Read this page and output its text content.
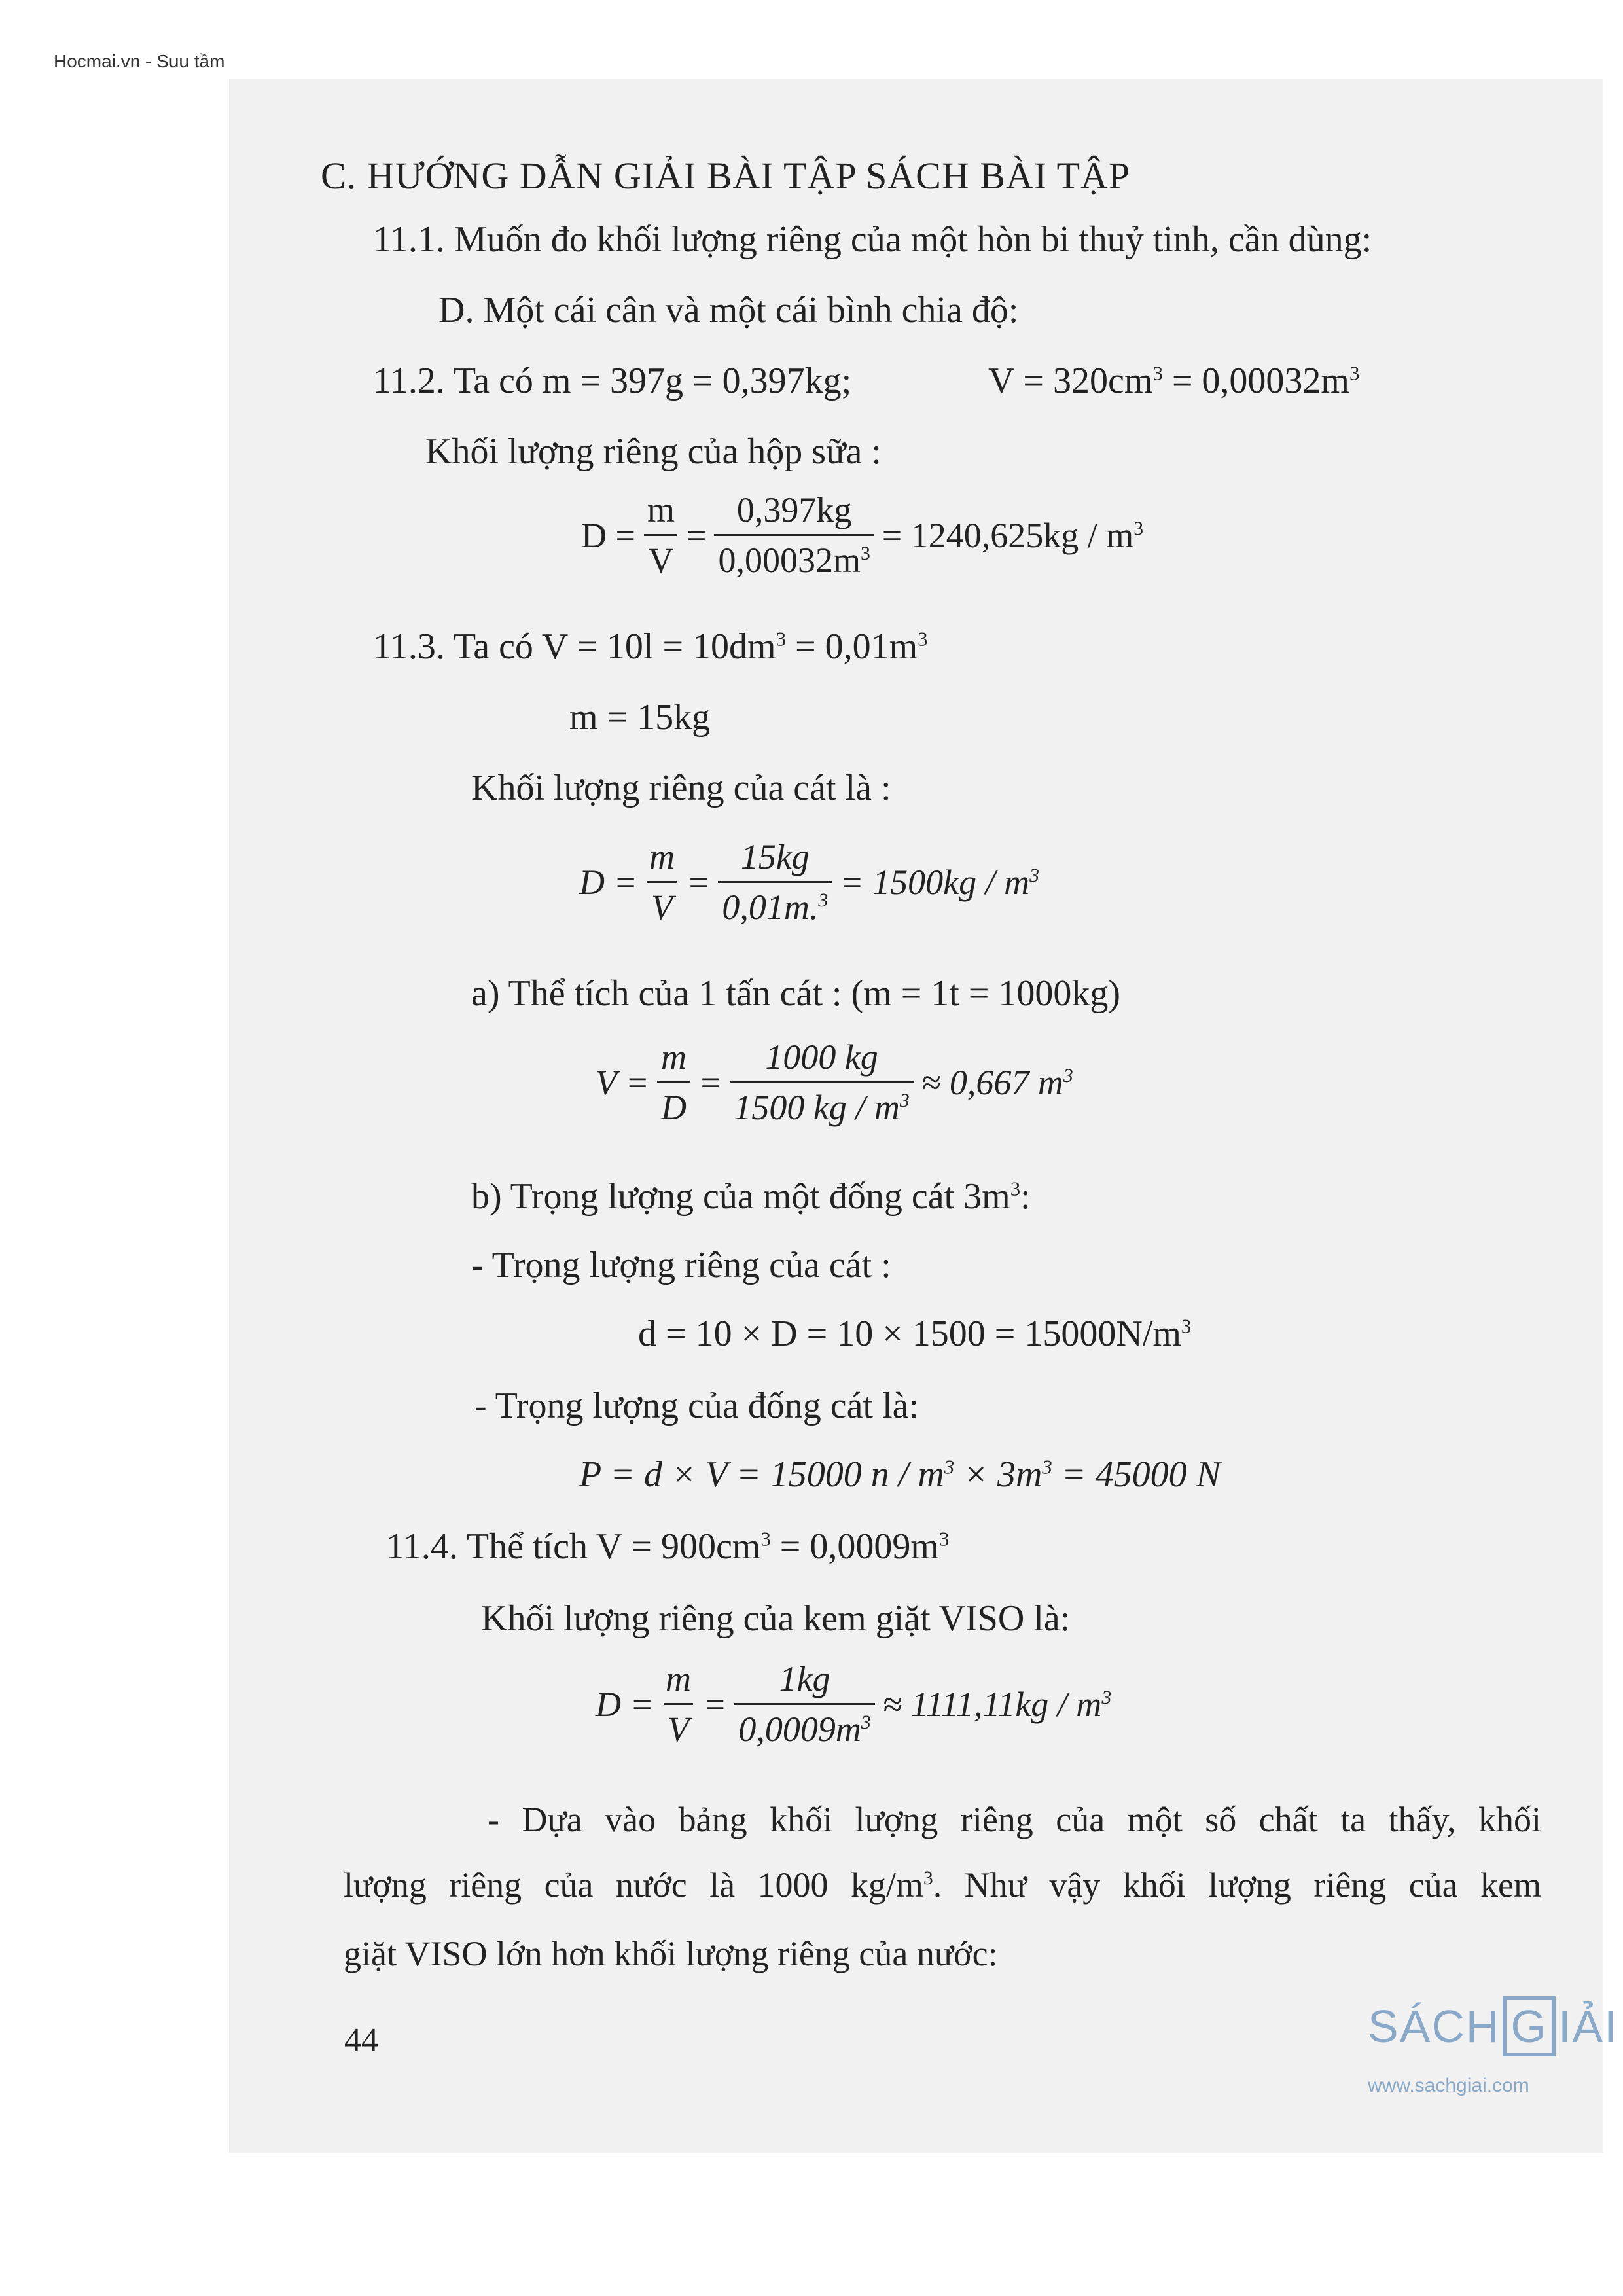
Hocmai.vn - Suu tầm
C. HƯỚNG DẪN GIẢI BÀI TẬP SÁCH BÀI TẬP
11.1. Muốn đo khối lượng riêng của một hòn bi thuỷ tinh, cần dùng:
D. Một cái cân và một cái bình chia độ:
11.2. Ta có m = 397g = 0,397kg;	$V = 320cm^3 = 0,00032m^3$
Khối lượng riêng của hộp sữa :
$D = \frac{m}{V} = \frac{0,397kg}{0,00032m^3} = 1240,625kg / m^3$
11.3. Ta có $V = 10l = 10dm^3 = 0,01m^3$
m = 15kg
Khối lượng riêng của cát là :
$D = \frac{m}{V} = \frac{15kg}{0,01m.^3} = 1500kg / m^3$
a) Thể tích của 1 tấn cát : (m = 1t = 1000kg)
$V = \frac{m}{D} = \frac{1000 kg}{1500 kg / m^3} \approx 0,667$ $m^3$
b) Trọng lượng của một đống cát $3m^3$:
- Trọng lượng riêng của cát :
$d = 10 \times D = 10 \times 1500 = 15000N/m^3$
- Trọng lượng của đống cát là:
P = d × V = 15000 $n / m^3 \times 3m^3 = 45000$ N
11.4. Thể tích $V = 900cm^3 = 0,0009m^3$
Khối lượng riêng của kem giặt VISO là:
$D = \frac{m}{V} = \frac{1kg}{0,0009m^3} \approx 1111,11kg / m^3$
- Dựa vào bảng khối lượng riêng của một số chất ta thấy, khối
lượng riêng của nước là 1000 $kg/m^3$. Như vậy khối lượng riêng của kem
giặt VISO lớn hơn khối lượng riêng của nước:
44	SÁCH G IẢI
www.sachgiai.com
